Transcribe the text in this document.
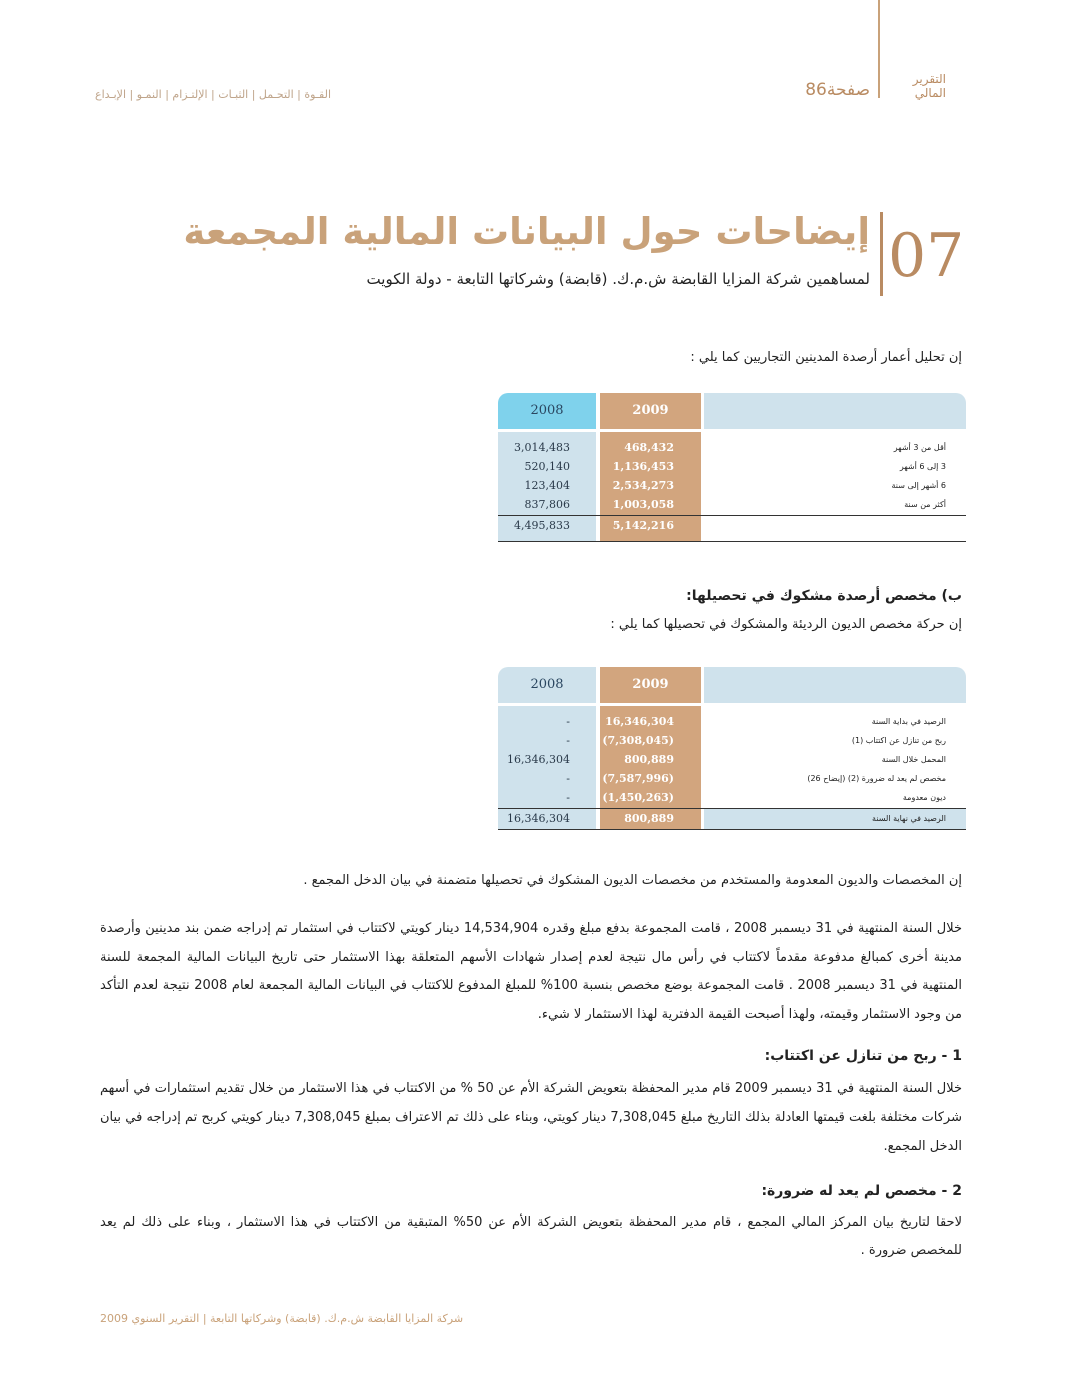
التقرير
المالي
صفحة86
القـوة | التحـمل | الثبـات | الإلتـزام | النمـو | الإبـداع
07
إيضاحات حول البيانات المالية المجمعة
لمساهمين شركة المزايا القابضة ش.م.ك. (قابضة) وشركاتها التابعة - دولة الكويت
إن تحليل أعمار أرصدة المدينين التجاريين كما يلي :
2008	2009
3,014,483	468,432	أقل من 3 أشهر
520,140	1,136,453	3 إلى 6 أشهر
123,404	2,534,273	6 أشهر إلى سنة
837,806	1,003,058	أكثر من سنة
4,495,833	5,142,216
ب) مخصص أرصدة مشكوك في تحصيلها:
إن حركة مخصص الديون الرديئة والمشكوك في تحصيلها كما يلي :
2008	2009
-	16,346,304	الرصيد في بداية السنة
-	(7,308,045)	ربح من تنازل عن اكتتاب (1)
16,346,304	800,889	المحمل خلال السنة
-	(7,587,996)	مخصص لم يعد له ضرورة (2) (إيضاح 26)
-	(1,450,263)	ديون معدومة
16,346,304	800,889	الرصيد في نهاية السنة
إن المخصصات والديون المعدومة والمستخدم من مخصصات الديون المشكوك في تحصيلها متضمنة في بيان الدخل المجمع .
خلال السنة المنتهية في 31 ديسمبر 2008 ، قامت المجموعة بدفع مبلغ وقدره 14,534,904 دينار كويتي لاكتتاب في استثمار تم إدراجه ضمن بند مدينين وأرصدة مدينة أخرى كمبالغ مدفوعة مقدماً لاكتتاب في رأس مال نتيجة لعدم إصدار شهادات الأسهم المتعلقة بهذا الاستثمار حتى تاريخ البيانات المالية المجمعة للسنة المنتهية في 31 ديسمبر 2008 . قامت المجموعة بوضع مخصص بنسبة 100% للمبلغ المدفوع للاكتتاب في البيانات المالية المجمعة لعام 2008 نتيجة لعدم التأكد من وجود الاستثمار وقيمته، ولهذا أصبحت القيمة الدفترية لهذا الاستثمار لا شيء.
1 - ربح من تنازل عن اكتتاب:
خلال السنة المنتهية في 31 ديسمبر 2009 قام مدير المحفظة بتعويض الشركة الأم عن 50 % من الاكتتاب في هذا الاستثمار من خلال تقديم استثمارات في أسهم شركات مختلفة بلغت قيمتها العادلة بذلك التاريخ مبلغ 7,308,045 دينار كويتي، وبناء على ذلك تم الاعتراف بمبلغ 7,308,045 دينار كويتي كربح تم إدراجه في بيان الدخل المجمع.
2 - مخصص لم يعد له ضرورة:
لاحقا لتاريخ بيان المركز المالي المجمع ، قام مدير المحفظة بتعويض الشركة الأم عن 50% المتبقية من الاكتتاب في هذا الاستثمار ، وبناء على ذلك لم يعد للمخصص ضرورة .
شركة المزايا القابضة ش.م.ك. (قابضة) وشركاتها التابعة | التقرير السنوي 2009
